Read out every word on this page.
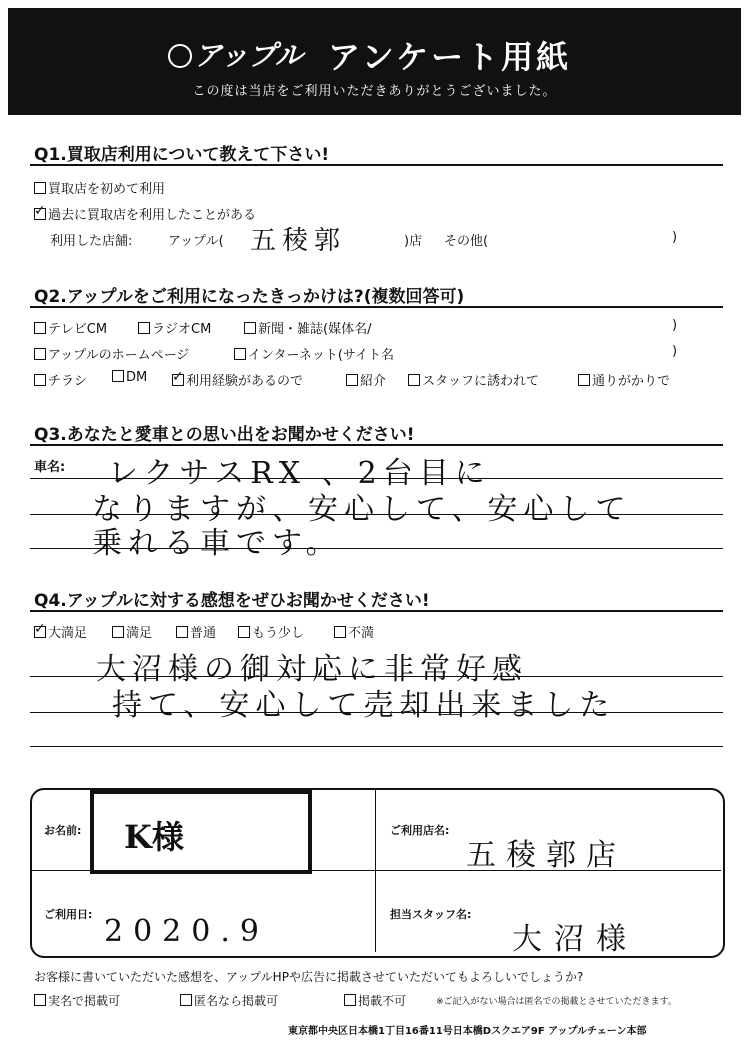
アップル アンケート用紙
この度は当店をご利用いただきありがとうございました。
Q1.買取店利用について教えて下さい!
買取店を初めて利用
✓過去に買取店を利用したことがある
利用した店舗:	アップル( 五稜郭	)店 その他(	)
Q2.アップルをご利用になったきっかけは?(複数回答可)
テレビCM	ラジオCM	新聞・雑誌(媒体名/	)
アップルのホームページ	インターネット(サイト名	)
チラシ	DM
✓	利用経験があるので	紹介	スタッフに誘われて	通りがかりで
Q3.あなたと愛車との思い出をお聞かせください!
車名: レクサスRX 、2台目に
なりますが、安心して、安心して
乗れる車です。
Q4.アップルに対する感想をぜひお聞かせください!
✓大満足	満足	普通	もう少し	不満
大沼様の御対応に非常好感
持て、安心して売却出来ました
お名前: K様	ご利用店名:
五稜郭店
ご利用日: 2020.9	担当スタッフ名:
大沼様
お客様に書いていただいた感想を、アップルHPや広告に掲載させていただいてもよろしいでしょうか?
実名で掲載可	匿名なら掲載可	掲載不可	※ご記入がない場合は匿名での掲載とさせていただきます。
東京都中央区日本橋1丁目16番11号日本橋Dスクエア9F アップルチェーン本部
